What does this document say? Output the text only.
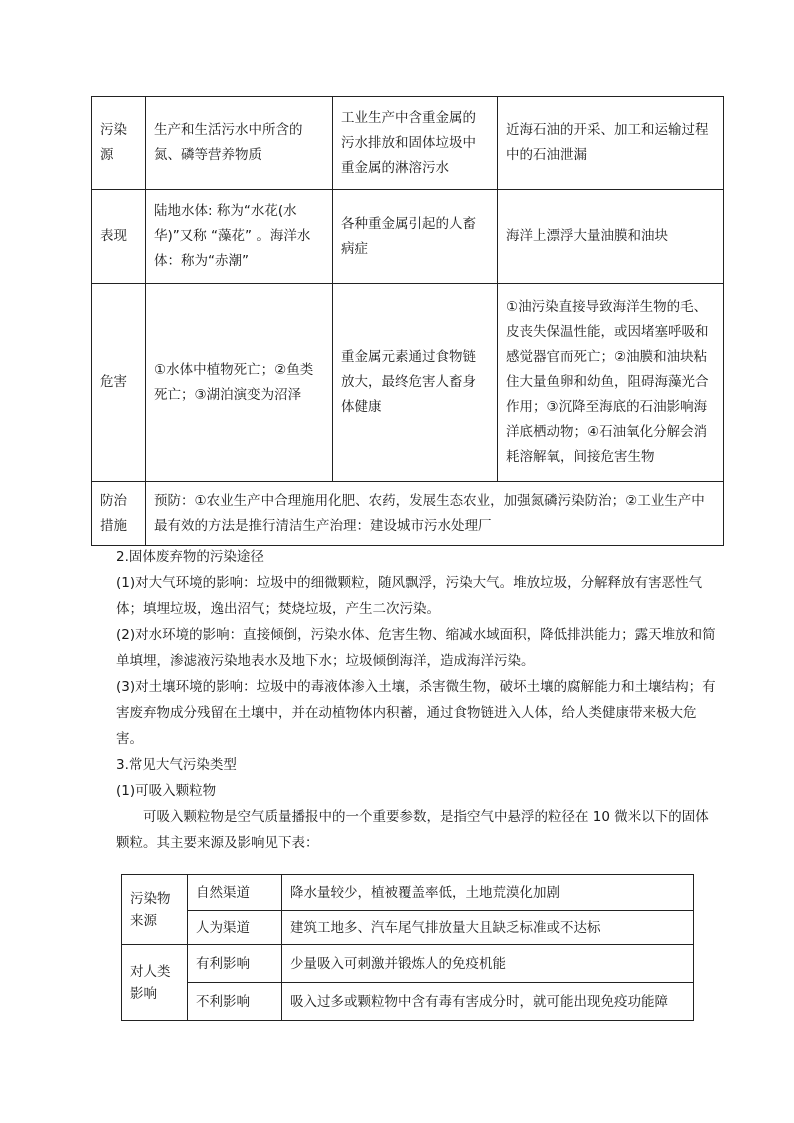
污染源	生产和生活污水中所含的氮、磷等营养物质	工业生产中含重金属的污水排放和固体垃圾中重金属的淋溶污水	近海石油的开采、加工和运输过程中的石油泄漏
表现	陆地水体: 称为“水花(水华)”又称 “藻花” 。海洋水体：称为“赤潮”	各种重金属引起的人畜病症	海洋上漂浮大量油膜和油块
危害	①水体中植物死亡；②鱼类死亡；③湖泊演变为沼泽	重金属元素通过食物链放大，最终危害人畜身体健康	①油污染直接导致海洋生物的毛、皮丧失保温性能，或因堵塞呼吸和感觉器官而死亡；②油膜和油块粘住大量鱼卵和幼鱼，阻碍海藻光合作用；③沉降至海底的石油影响海洋底栖动物；④石油氧化分解会消耗溶解氧，间接危害生物
防治措施	预防：①农业生产中合理施用化肥、农药，发展生态农业，加强氮磷污染防治；②工业生产中最有效的方法是推行清洁生产治理：建设城市污水处理厂		

2.固体废弃物的污染途径

(1)对大气环境的影响：垃圾中的细微颗粒，随风飘浮，污染大气。堆放垃圾，分解释放有害恶性气体；填埋垃圾，逸出沼气；焚烧垃圾，产生二次污染。

(2)对水环境的影响：直接倾倒，污染水体、危害生物、缩减水域面积，降低排洪能力；露天堆放和简单填埋，渗滤液污染地表水及地下水；垃圾倾倒海洋，造成海洋污染。

(3)对土壤环境的影响：垃圾中的毒液体渗入土壤，杀害微生物，破坏土壤的腐解能力和土壤结构；有害废弃物成分残留在土壤中，并在动植物体内积蓄，通过食物链进入人体，给人类健康带来极大危害。

3.常见大气污染类型

(1)可吸入颗粒物

可吸入颗粒物是空气质量播报中的一个重要参数，是指空气中悬浮的粒径在 10 微米以下的固体颗粒。其主要来源及影响见下表：

污染物来源	自然渠道	降水量较少，植被覆盖率低，土地荒漠化加剧
	人为渠道	建筑工地多、汽车尾气排放量大且缺乏标准或不达标
对人类影响	有利影响	少量吸入可刺激并锻炼人的免疫机能
	不利影响	吸入过多或颗粒物中含有毒有害成分时，就可能出现免疫功能障
